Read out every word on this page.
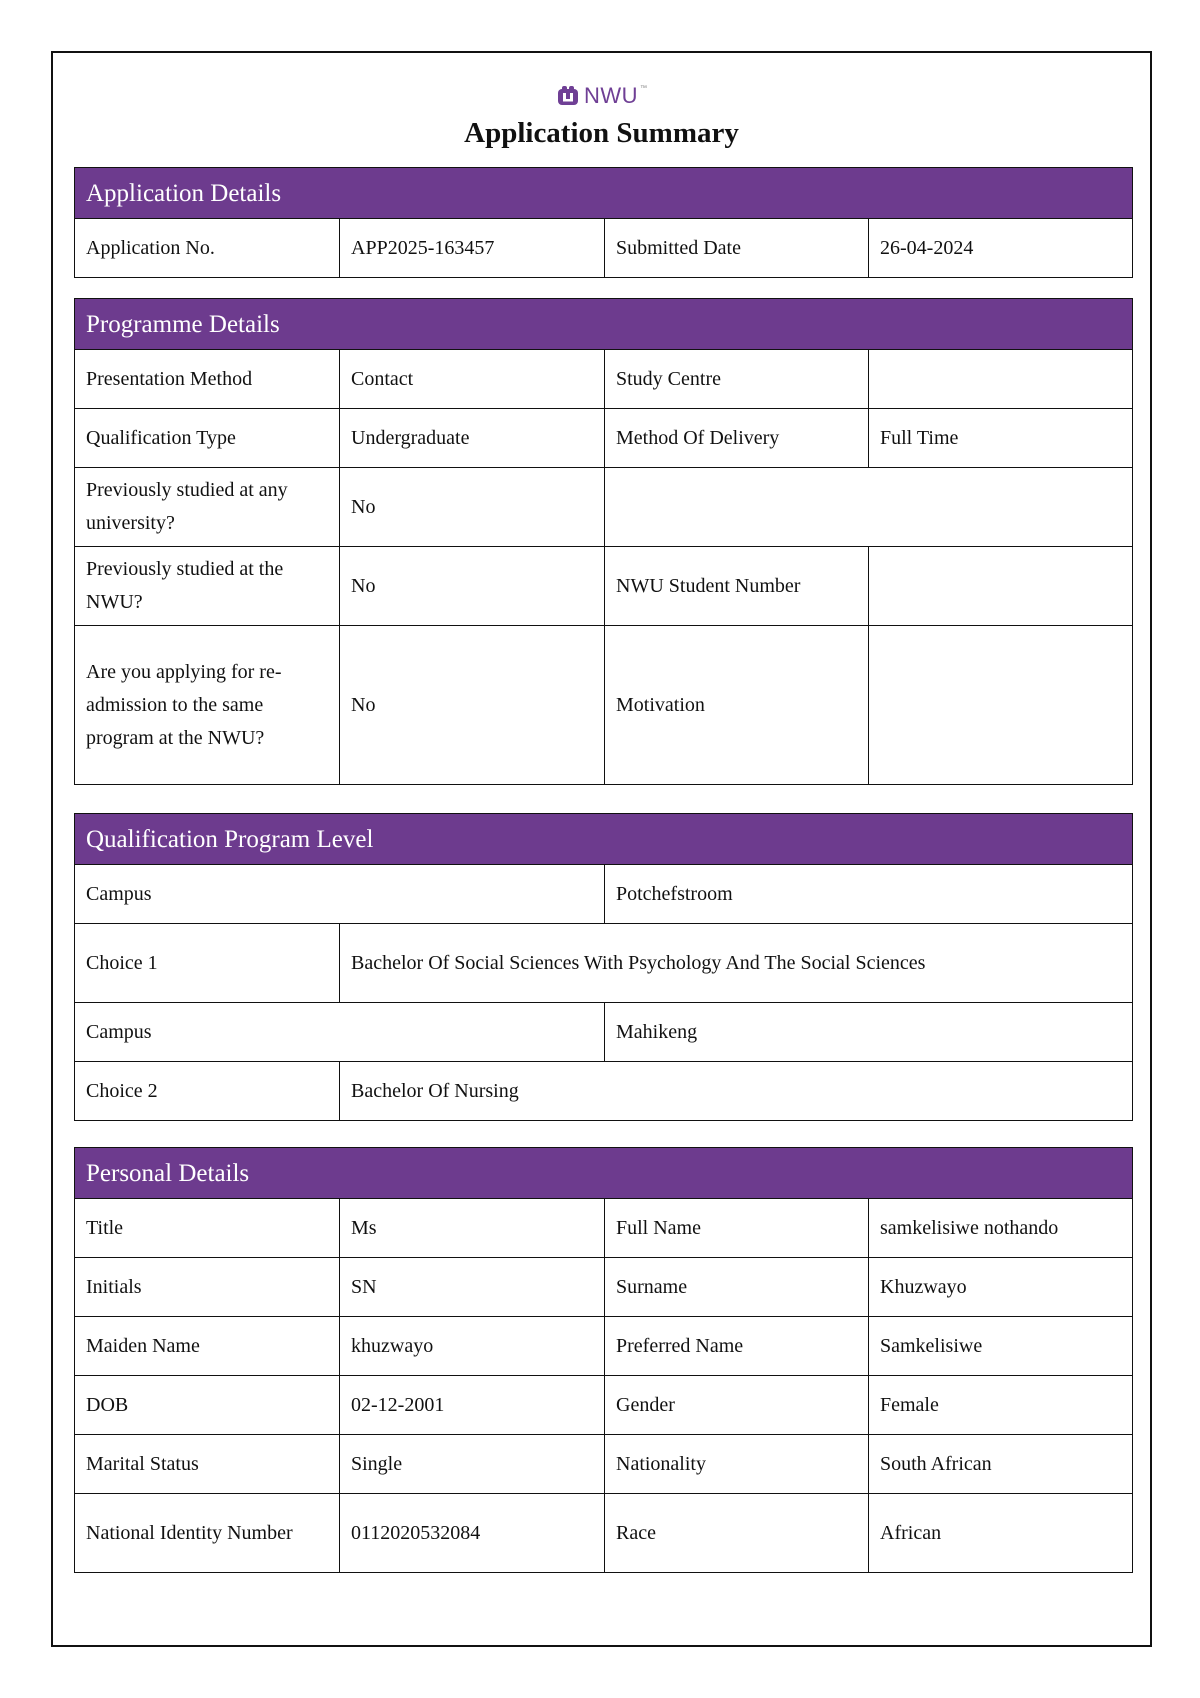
NWU ™
Application Summary
Application Details
Application No.	APP2025-163457	Submitted Date	26-04-2024
Programme Details			
Presentation Method	Contact	Study Centre	
Qualification Type	Undergraduate	Method Of Delivery	Full Time
Previously studied at any university?	No		
Previously studied at the NWU?	No	NWU Student Number	
Are you applying for re-admission to the same program at the NWU?	No	Motivation	
Qualification Program Level		
Campus		Potchefstroom
Choice 1	Bachelor Of Social Sciences With Psychology And The Social Sciences	
Campus		Mahikeng
Choice 2	Bachelor Of Nursing	
Personal Details			
Title	Ms	Full Name	samkelisiwe nothando
Initials	SN	Surname	Khuzwayo
Maiden Name	khuzwayo	Preferred Name	Samkelisiwe
DOB	02-12-2001	Gender	Female
Marital Status	Single	Nationality	South African
National Identity Number	0112020532084	Race	African
